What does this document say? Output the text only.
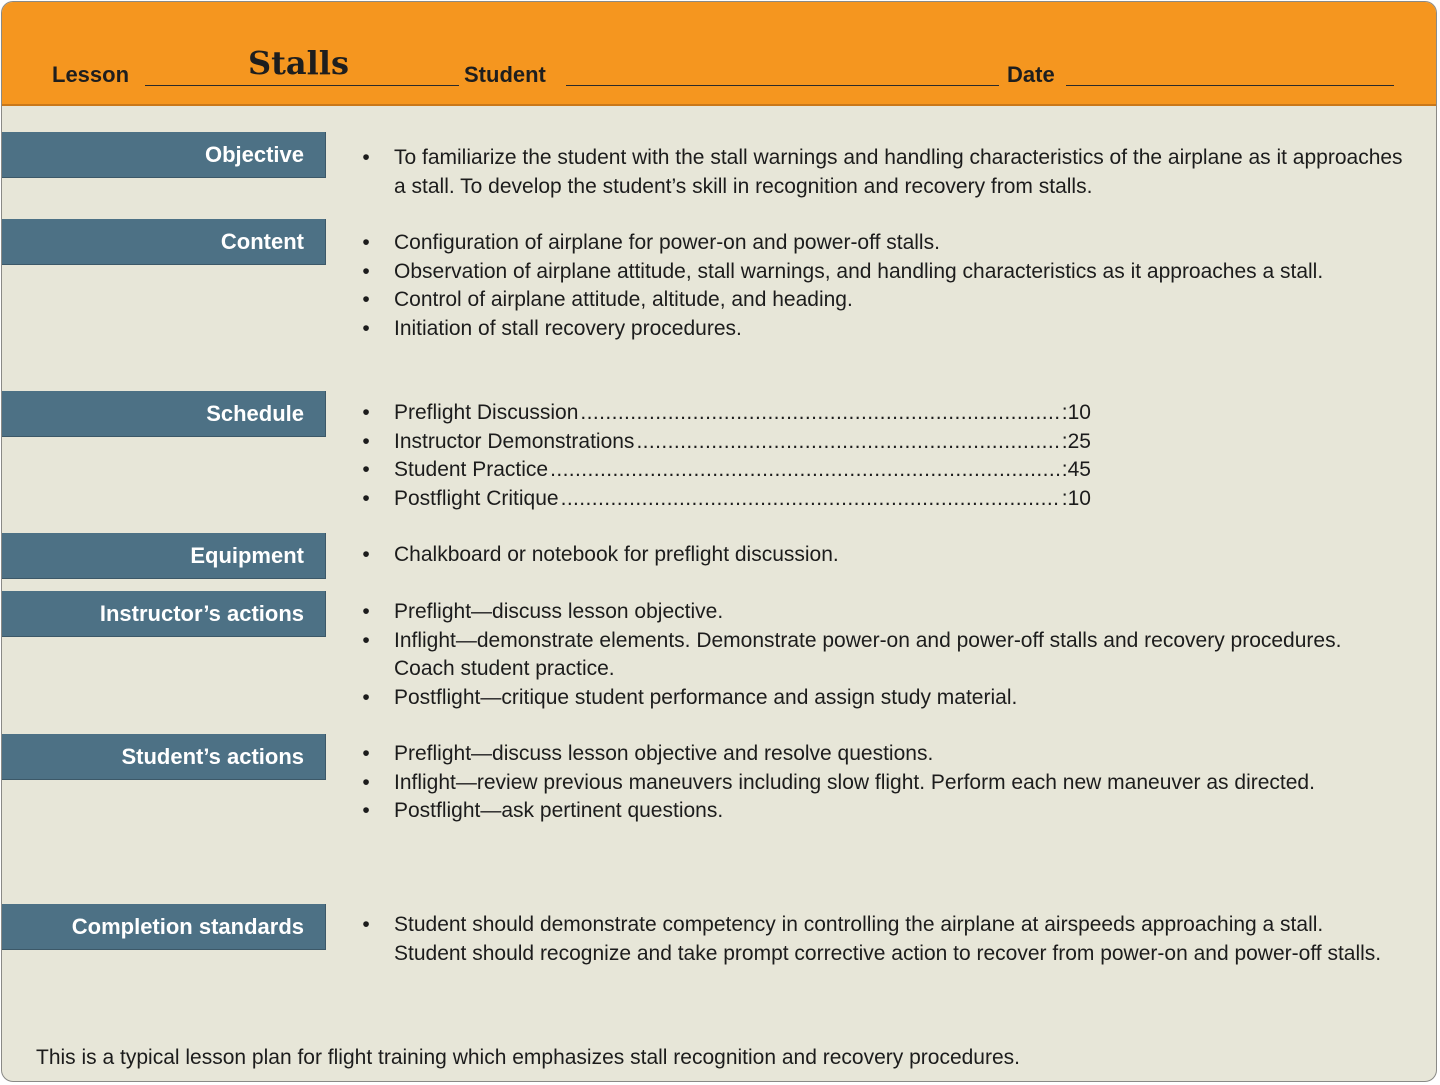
Lesson	Stalls	Student	Date
Objective	• To familiarize the student with the stall warnings and handling characteristics of the airplane as it approaches a stall. To develop the student’s skill in recognition and recovery from stalls.
Content	• Configuration of airplane for power-on and power-off stalls.
• Observation of airplane attitude, stall warnings, and handling characteristics as it approaches a stall.
• Control of airplane attitude, altitude, and heading.
• Initiation of stall recovery procedures.
Schedule	• Preflight Discussion .....	:10
• Instructor Demonstrations .....	:25
• Student Practice .....	:45
• Postflight Critique .....	:10
Equipment	• Chalkboard or notebook for preflight discussion.
Instructor’s actions	• Preflight—discuss lesson objective.
• Inflight—demonstrate elements. Demonstrate power-on and power-off stalls and recovery procedures. Coach student practice.
• Postflight—critique student performance and assign study material.
Student’s actions	• Preflight—discuss lesson objective and resolve questions.
• Inflight—review previous maneuvers including slow flight. Perform each new maneuver as directed.
• Postflight—ask pertinent questions.
Completion standards	• Student should demonstrate competency in controlling the airplane at airspeeds approaching a stall. Student should recognize and take prompt corrective action to recover from power-on and power-off stalls.
This is a typical lesson plan for flight training which emphasizes stall recognition and recovery procedures.
